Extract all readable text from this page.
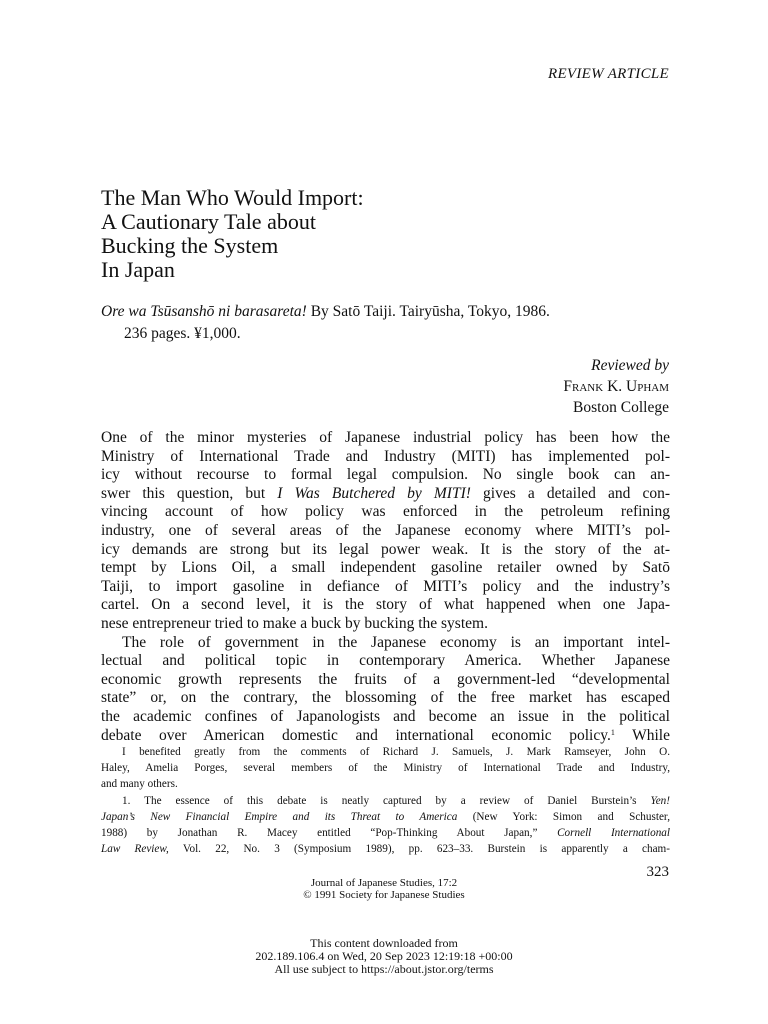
REVIEW ARTICLE
The Man Who Would Import:
A Cautionary Tale about
Bucking the System
In Japan
Ore wa Tsūsanshō ni barasareta! By Satō Taiji. Tairyūsha, Tokyo, 1986.
236 pages. ¥1,000.
Reviewed by
Frank K. Upham
Boston College
One of the minor mysteries of Japanese industrial policy has been how the
Ministry of International Trade and Industry (MITI) has implemented pol-
icy without recourse to formal legal compulsion. No single book can an-
swer this question, but I Was Butchered by MITI! gives a detailed and con-
vincing account of how policy was enforced in the petroleum refining
industry, one of several areas of the Japanese economy where MITI’s pol-
icy demands are strong but its legal power weak. It is the story of the at-
tempt by Lions Oil, a small independent gasoline retailer owned by Satō
Taiji, to import gasoline in defiance of MITI’s policy and the industry’s
cartel. On a second level, it is the story of what happened when one Japa-
nese entrepreneur tried to make a buck by bucking the system.
The role of government in the Japanese economy is an important intel-
lectual and political topic in contemporary America. Whether Japanese
economic growth represents the fruits of a government-led “developmental
state” or, on the contrary, the blossoming of the free market has escaped
the academic confines of Japanologists and become an issue in the political
debate over American domestic and international economic policy.$^1$ While
I benefited greatly from the comments of Richard J. Samuels, J. Mark Ramseyer, John O.
Haley, Amelia Porges, several members of the Ministry of International Trade and Industry,
and many others.
1. The essence of this debate is neatly captured by a review of Daniel Burstein’s Yen!
Japan’s New Financial Empire and its Threat to America (New York: Simon and Schuster,
1988) by Jonathan R. Macey entitled “Pop-Thinking About Japan,” Cornell International
Law Review, Vol. 22, No. 3 (Symposium 1989), pp. 623–33. Burstein is apparently a cham-
323
Journal of Japanese Studies, 17:2
© 1991 Society for Japanese Studies
This content downloaded from
202.189.106.4 on Wed, 20 Sep 2023 12:19:18 +00:00
All use subject to https://about.jstor.org/terms
